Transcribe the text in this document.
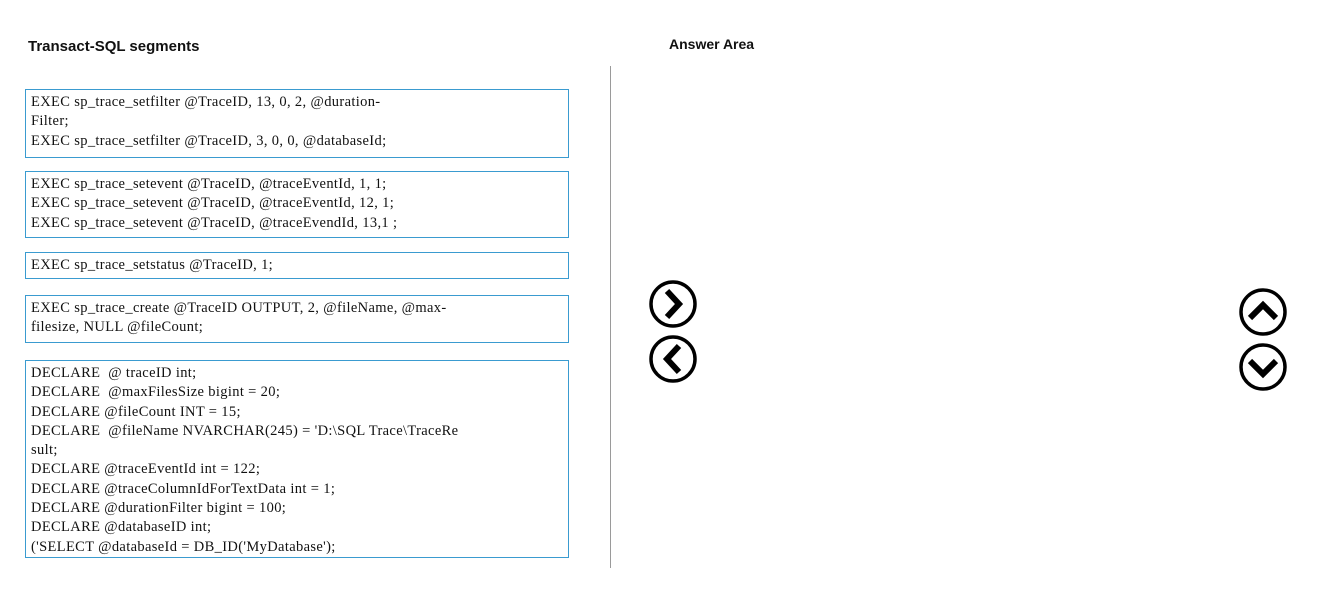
Transact-SQL segments	Answer Area
EXEC sp_trace_setfilter @TraceID, 13, 0, 2, @duration-
Filter;
EXEC sp_trace_setfilter @TraceID, 3, 0, 0, @databaseId;
EXEC sp_trace_setevent @TraceID, @traceEventId, 1, 1;
EXEC sp_trace_setevent @TraceID, @traceEventId, 12, 1;
EXEC sp_trace_setevent @TraceID, @traceEvendId, 13,1 ;
EXEC sp_trace_setstatus @TraceID, 1;
EXEC sp_trace_create @TraceID OUTPUT, 2, @fileName, @max-
filesize, NULL @fileCount;
DECLARE  @ traceID int;
DECLARE  @maxFilesSize bigint = 20;
DECLARE @fileCount INT = 15;
DECLARE  @fileName NVARCHAR(245) = 'D:\SQL Trace\TraceRe
sult;
DECLARE @traceEventId int = 122;
DECLARE @traceColumnIdForTextData int = 1;
DECLARE @durationFilter bigint = 100;
DECLARE @databaseID int;
('SELECT @databaseId = DB_ID('MyDatabase');
